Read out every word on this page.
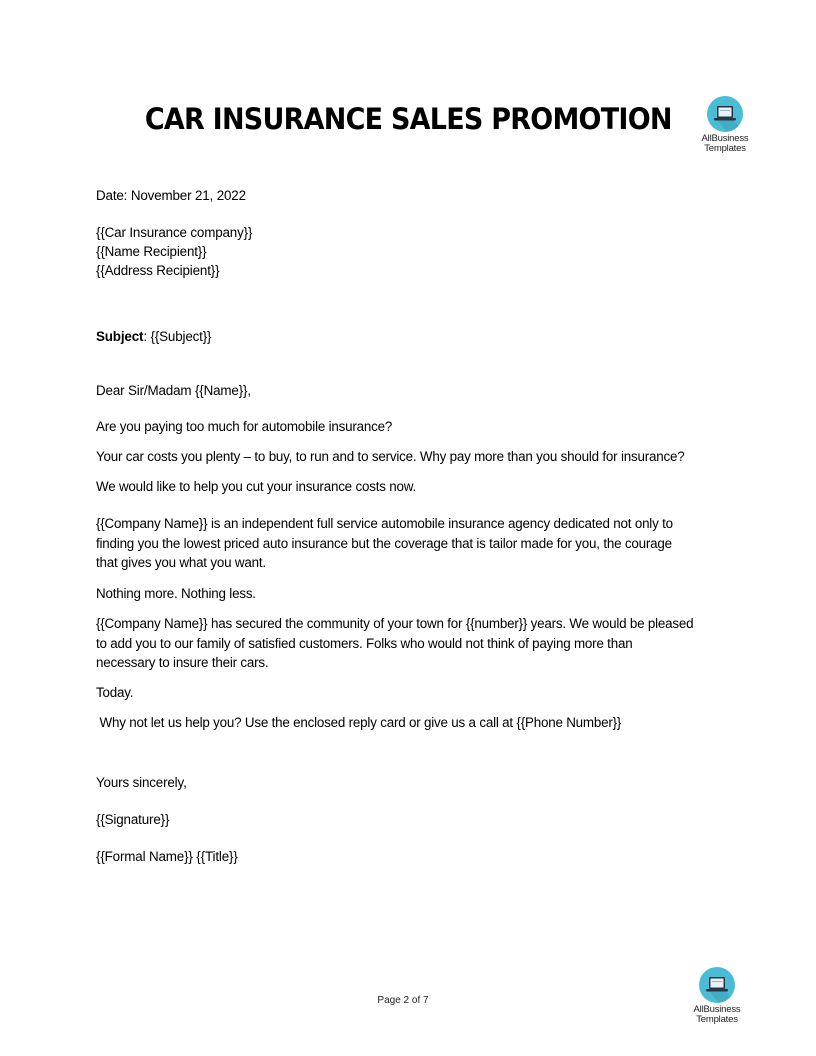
CAR INSURANCE SALES PROMOTION
AllBusiness
Templates
Date: November 21, 2022
{{Car Insurance company}}
{{Name Recipient}}
{{Address Recipient}}
Subject: {{Subject}}
Dear Sir/Madam {{Name}},
Are you paying too much for automobile insurance?
Your car costs you plenty – to buy, to run and to service. Why pay more than you should for insurance?
We would like to help you cut your insurance costs now.
{{Company Name}} is an independent full service automobile insurance agency dedicated not only to
finding you the lowest priced auto insurance but the coverage that is tailor made for you, the courage
that gives you what you want.
Nothing more. Nothing less.
{{Company Name}} has secured the community of your town for {{number}} years. We would be pleased
to add you to our family of satisfied customers. Folks who would not think of paying more than
necessary to insure their cars.
Today.
Why not let us help you? Use the enclosed reply card or give us a call at {{Phone Number}}
Yours sincerely,
{{Signature}}
{{Formal Name}} {{Title}}
Page 2 of 7
AllBusiness
Templates
